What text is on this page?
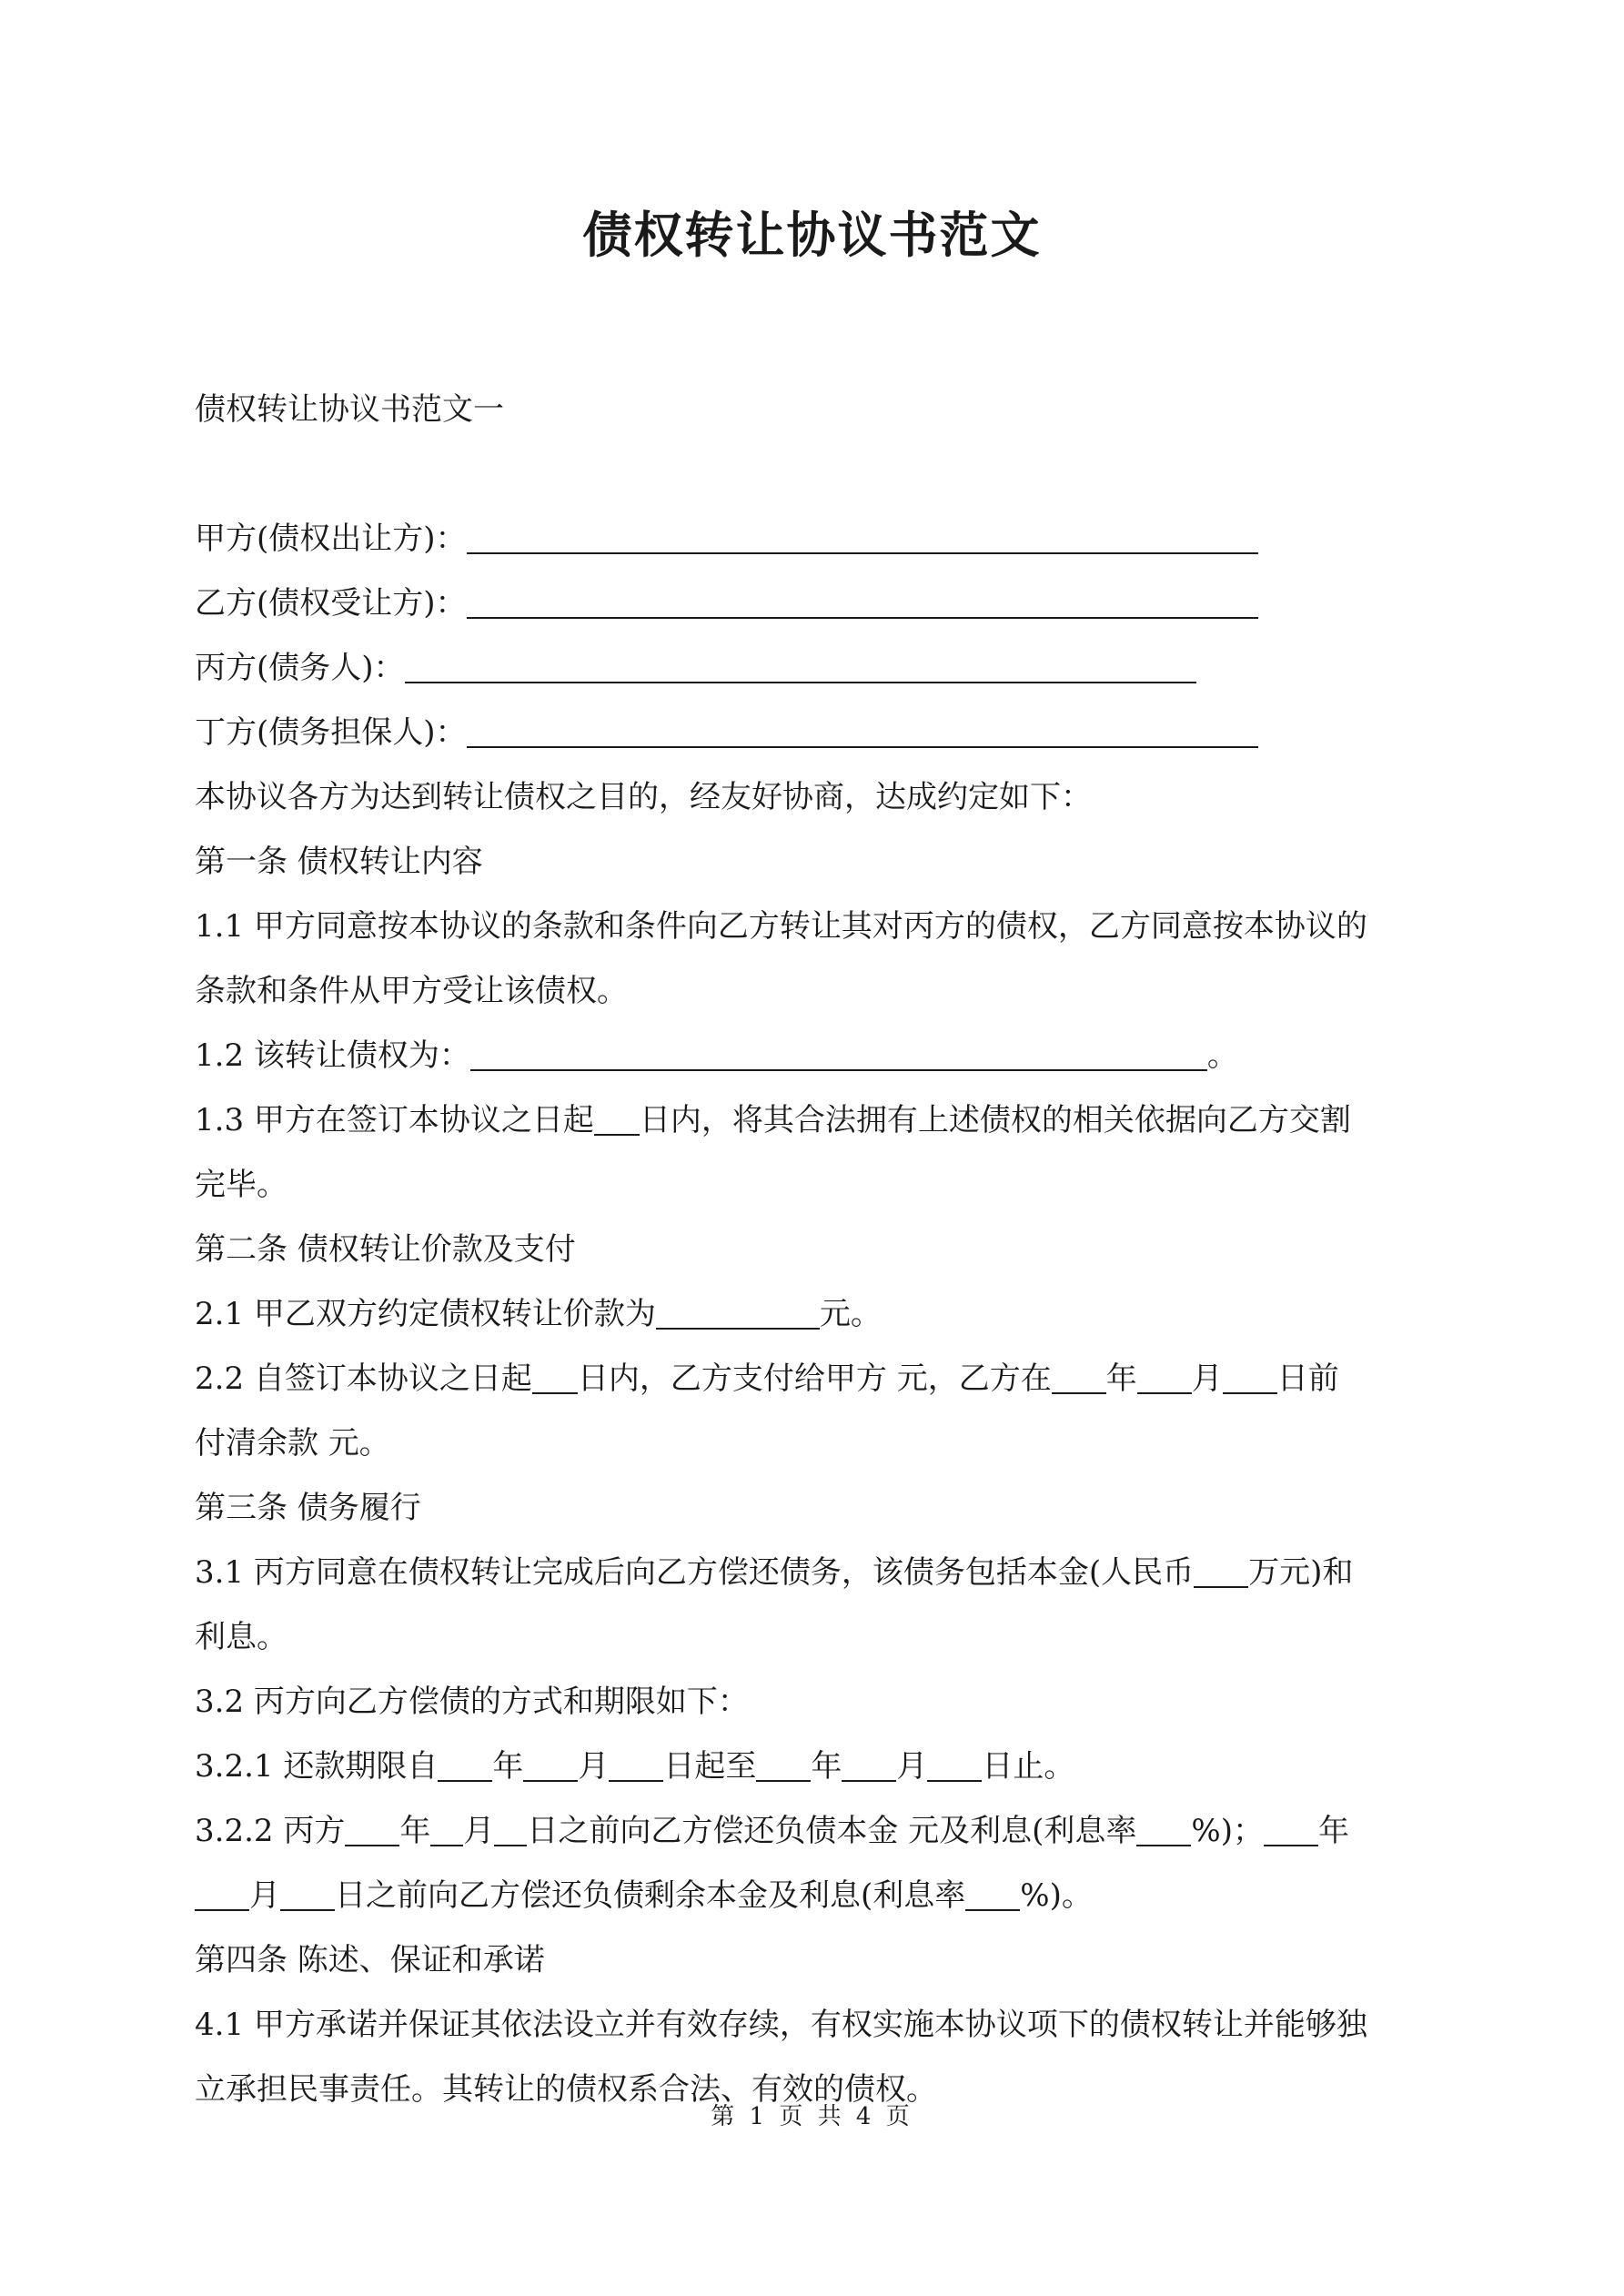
债权转让协议书范文
债权转让协议书范文一
甲方(债权出让方)：
乙方(债权受让方)：
丙方(债务人)：
丁方(债务担保人)：
本协议各方为达到转让债权之目的，经友好协商，达成约定如下：
第一条 债权转让内容
1.1 甲方同意按本协议的条款和条件向乙方转让其对丙方的债权，乙方同意按本协议的
条款和条件从甲方受让该债权。
1.2 该转让债权为：	。
1.3 甲方在签订本协议之日起 日内，将其合法拥有上述债权的相关依据向乙方交割
完毕。
第二条 债权转让价款及支付
2.1 甲乙双方约定债权转让价款为	元。
2.2 自签订本协议之日起 日内，乙方支付给甲方 元，乙方在 年 月 日前
付清余款 元。
第三条 债务履行
3.1 丙方同意在债权转让完成后向乙方偿还债务，该债务包括本金(人民币 万元)和
利息。
3.2 丙方向乙方偿债的方式和期限如下：
3.2.1 还款期限自 年 月 日起至 年 月 日止。
3.2.2 丙方 年 月 日之前向乙方偿还负债本金 元及利息(利息率 %)； 年
月 日之前向乙方偿还负债剩余本金及利息(利息率 %)。
第四条 陈述、保证和承诺
4.1 甲方承诺并保证其依法设立并有效存续，有权实施本协议项下的债权转让并能够独
立承担民事责任。其转让的债权系合法、有效的债权。
第 1 页 共 4 页
